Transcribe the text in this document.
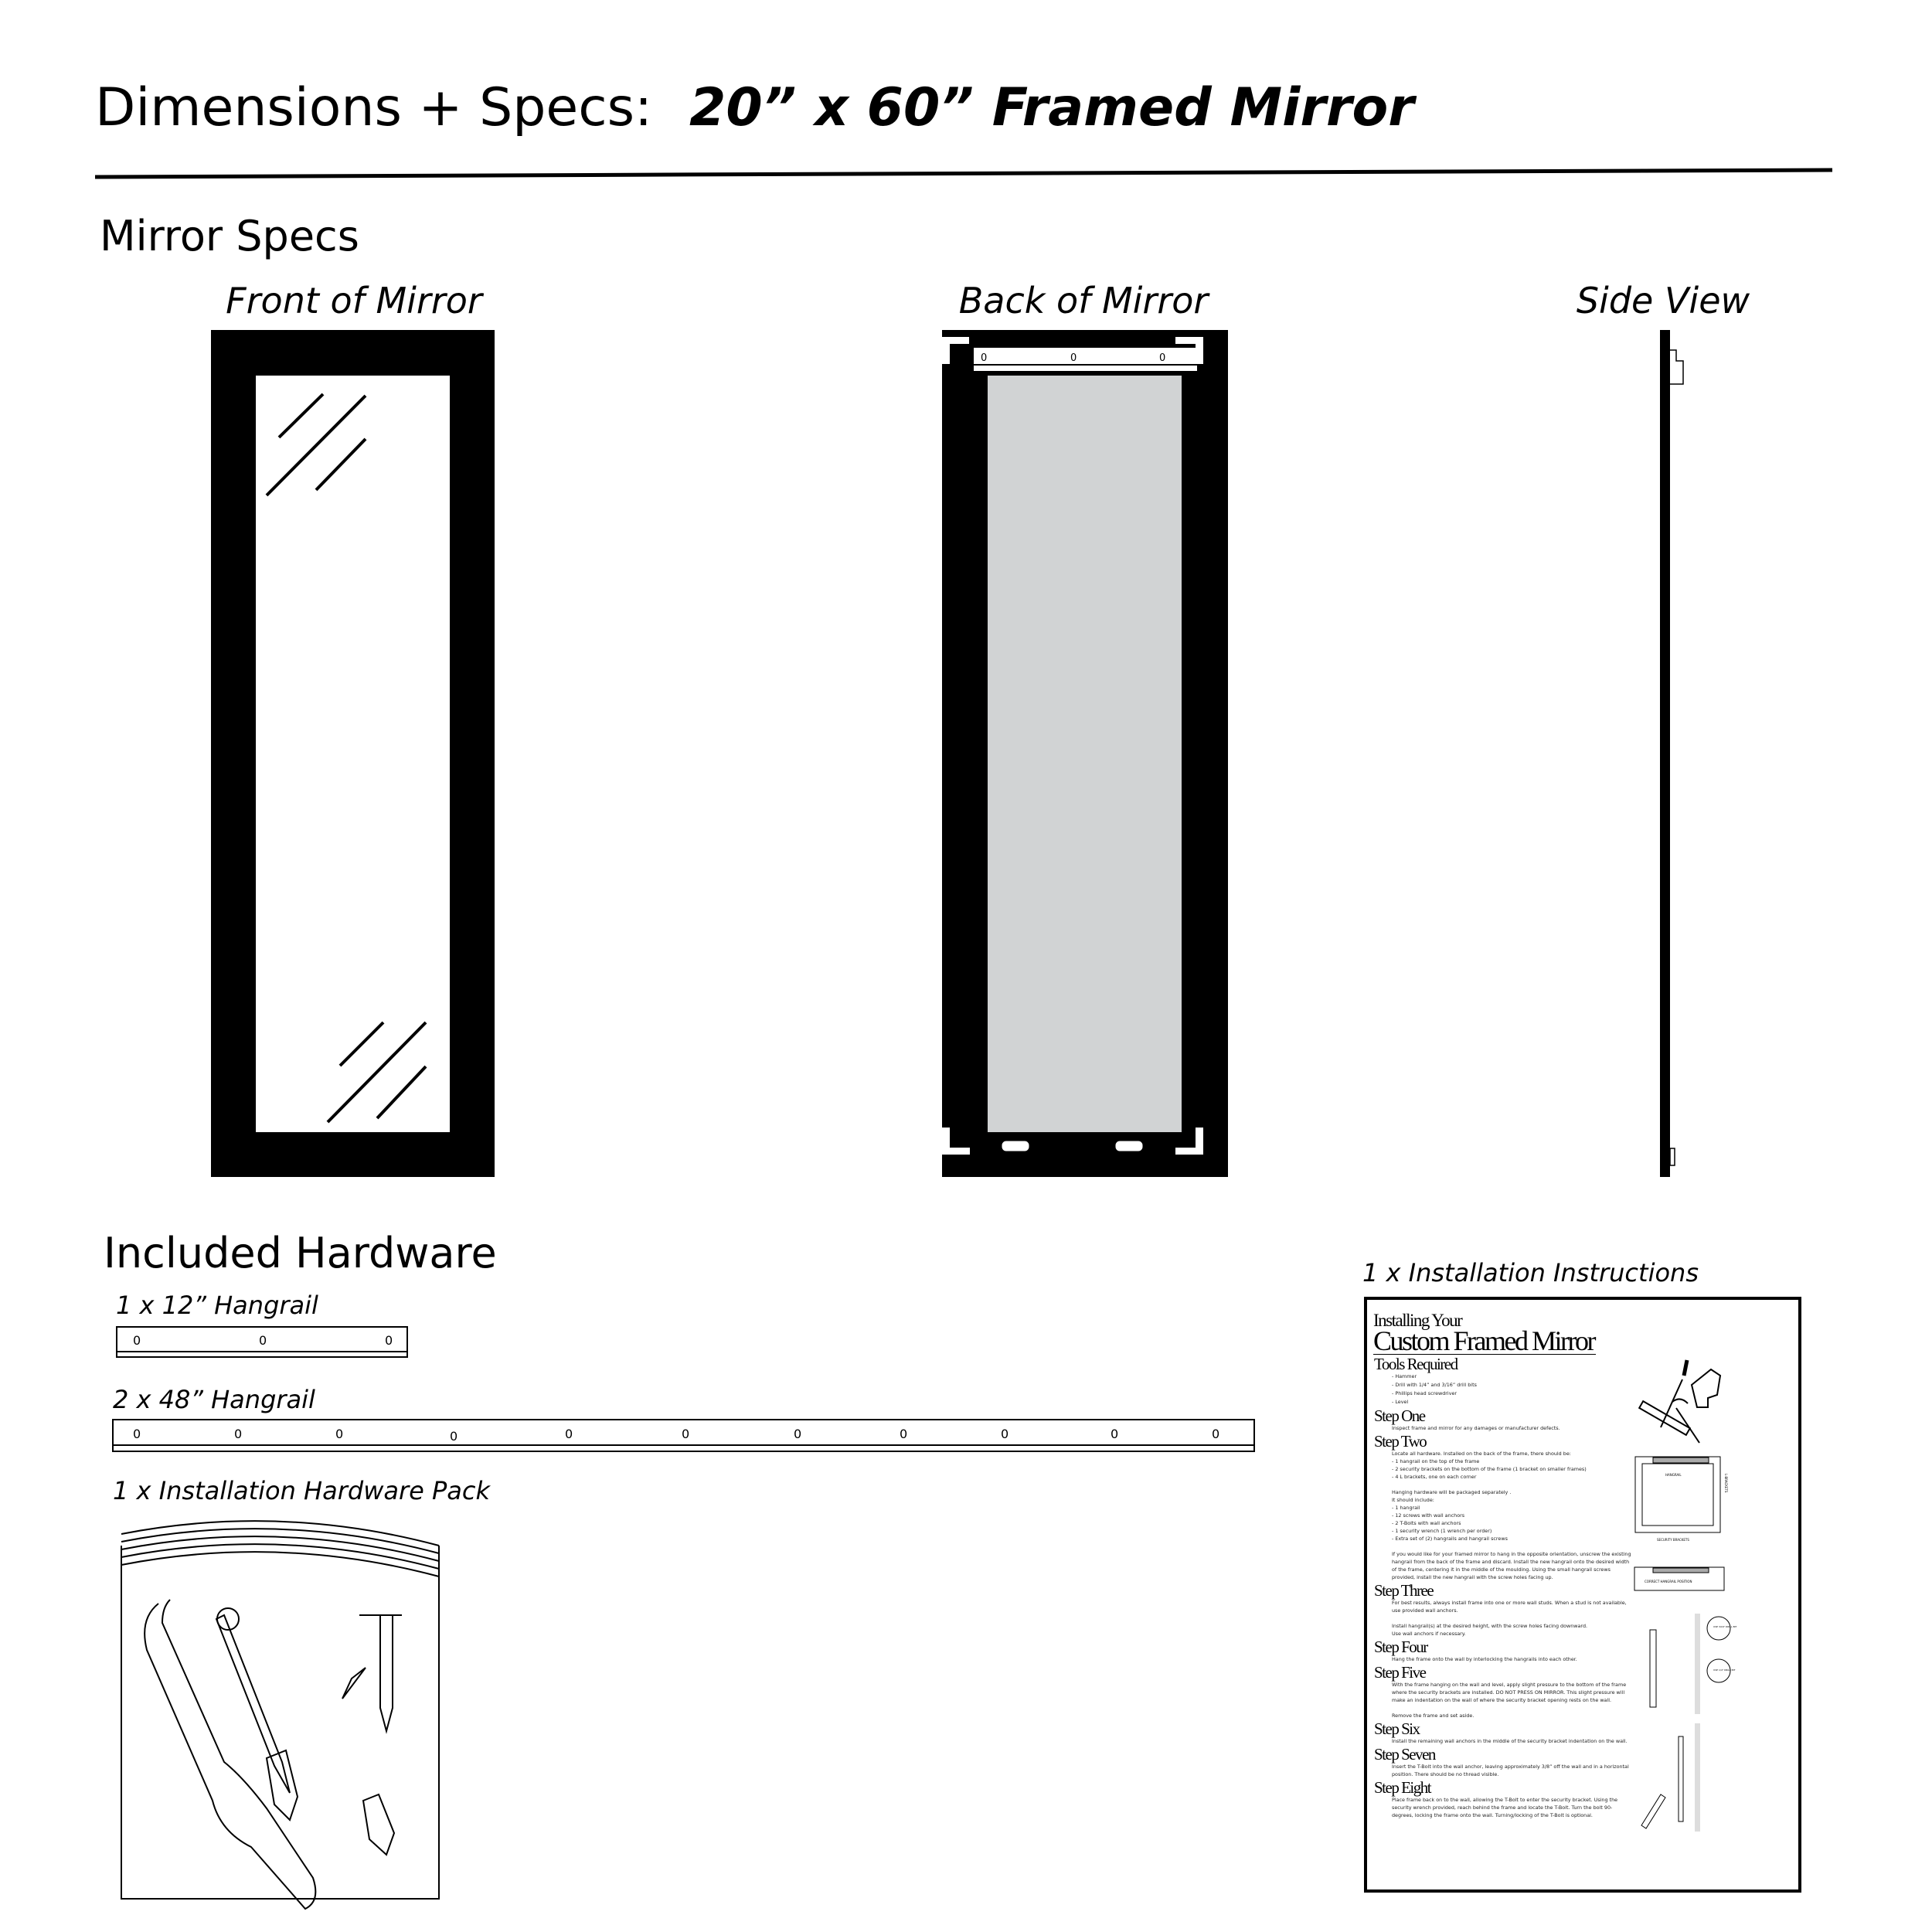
Dimensions + Specs: 20” x 60” Framed Mirror
0	0	0
0	0	0
0	0	0	0	0	0	0	0	0	0	0
Mirror Specs
Front of Mirror	Back of Mirror	Side View
Included Hardware
1 x 12” Hangrail
2 x 48” Hangrail
1 x Installation Hardware Pack
1 x Installation Instructions
Installing Your
Custom Framed Mirror
Tools Required
- Hammer
- Drill with 1/4” and 3/16” drill bits
- Phillips head screwdriver
- Level
Step One
Inspect frame and mirror for any damages or manufacturer defects.
Step Two
Locate all hardware. Installed on the back of the frame, there should be:
- 1 hangrail on the top of the frame
- 2 security brackets on the bottom of the frame (1 bracket on smaller frames)
- 4 L brackets, one on each corner

Hanging hardware will be packaged separately .
It should include:
- 1 hangrail
- 12 screws with wall anchors
- 2 T-Bolts with wall anchors
- 1 security wrench (1 wrench per order)
- Extra set of (2) hangrails and hangrail screws

If you would like for your framed mirror to hang in the opposite orientation, unscrew the existing hangrail from the back of the frame and discard. Install the new hangrail onto the desired width of the frame, centering it in the middle of the moulding. Using the small hangrail screws provided, install the new hangrail with the screw holes facing up.
Step Three
For best results, always install frame into one or more wall studs. When a stud is not available, use provided wall anchors.

Install hangrail(s) at the desired height, with the screw holes facing downward.
Use wall anchors if necessary.
Step Four
Hang the frame onto the wall by interlocking the hangrails into each other.
Step Five
With the frame hanging on the wall and level, apply slight pressure to the bottom of the frame where the security brackets are installed. DO NOT PRESS ON MIRROR. This slight pressure will make an indentation on the wall of where the security bracket opening rests on the wall.

Remove the frame and set aside.
Step Six
Install the remaining wall anchors in the middle of the security bracket indentation on the wall.
Step Seven
Insert the T-Bolt into the wall anchor, leaving approximately 3/8” off the wall and in a horizontal position. There should be no thread visible.
Step Eight
Place frame back on to the wall, allowing the T-Bolt to enter the security bracket. Using the security wrench provided, reach behind the frame and locate the T-Bolt. Turn the bolt 90-degrees, locking the frame onto the wall. Turning/locking of the T-Bolt is optional.
HANGRAIL	L-BRACKETS
SECURITY BRACKETS
CORRECT HANGRAIL POSITION
USE 3/16" DRILL BIT
USE 1/4" DRILL BIT
